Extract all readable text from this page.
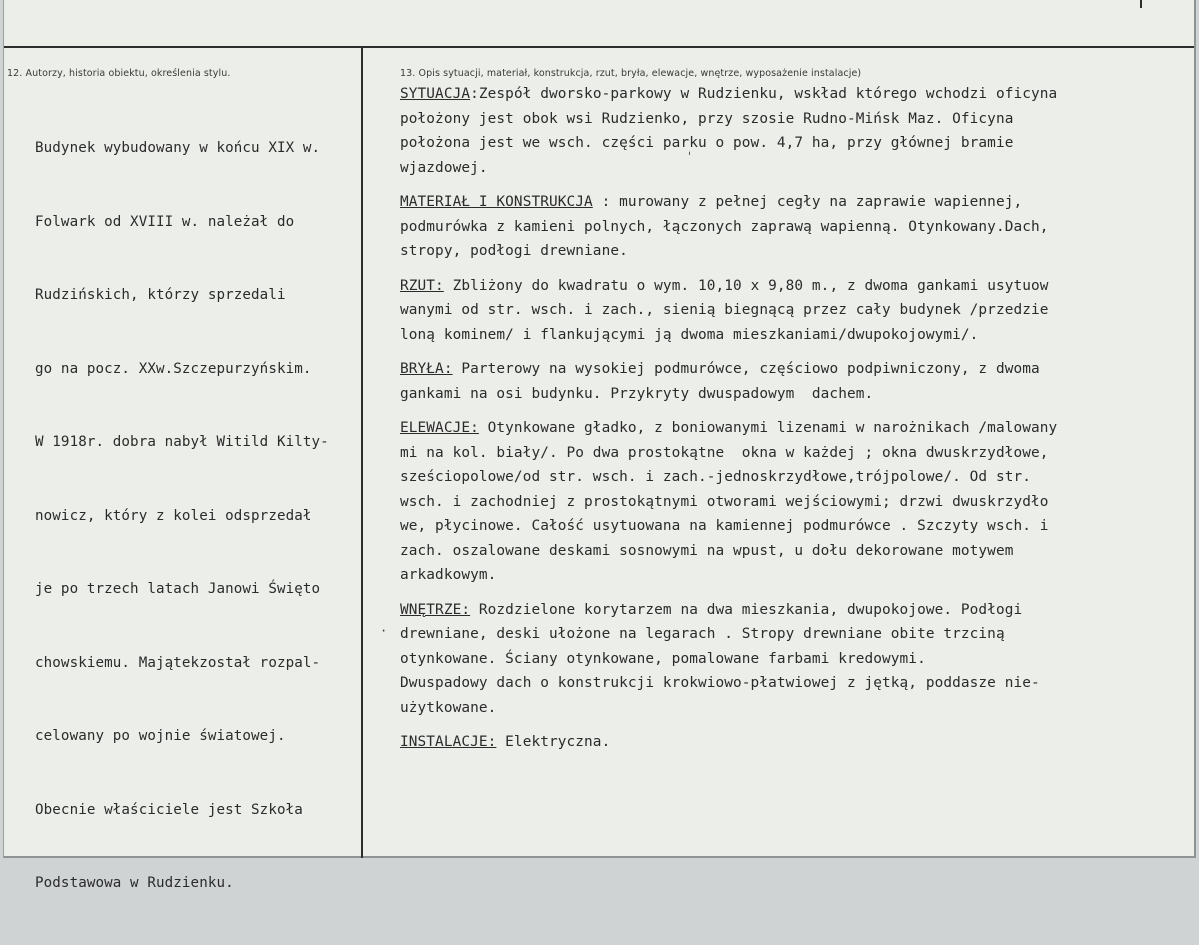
12. Autorzy, historia obiektu, określenia stylu.	13. Opis sytuacji, materiał, konstrukcja, rzut, bryła, elewacje, wnętrze, wyposażenie instalacje)

Budynek wybudowany w końcu XIX w.

Folwark od XVIII w. należał do

Rudzińskich, którzy sprzedali

go na pocz. XXw.Szczepurzyńskim.

W 1918r. dobra nabył Witild Kilty-

nowicz, który z kolei odsprzedał

je po trzech latach Janowi Święto

chowskiemu. Majątekzostał rozpal-

celowany po wojnie światowej.

Obecnie właściciele jest Szkoła

Podstawowa w Rudzienku.

SYTUACJA:Zespół dworsko-parkowy w Rudzienku, wskład którego wchodzi oficyna
położony jest obok wsi Rudzienko, przy szosie Rudno-Mińsk Maz. Oficyna
położona jest we wsch. części parku o pow. 4,7 ha, przy głównej bramie
wjazdowej.
MATERIAŁ I KONSTRUKCJA : murowany z pełnej cegły na zaprawie wapiennej,
podmurówka z kamieni polnych, łączonych zaprawą wapienną. Otynkowany.Dach,
stropy, podłogi drewniane.
RZUT: Zbliżony do kwadratu o wym. 10,10 x 9,80 m., z dwoma gankami usytuow
wanymi od str. wsch. i zach., sienią biegnącą przez cały budynek /przedzie
loną kominem/ i flankującymi ją dwoma mieszkaniami/dwupokojowymi/.
BRYŁA: Parterowy na wysokiej podmurówce, częściowo podpiwniczony, z dwoma
gankami na osi budynku. Przykryty dwuspadowym  dachem.
ELEWACJE: Otynkowane gładko, z boniowanymi lizenami w narożnikach /malowany
mi na kol. biały/. Po dwa prostokątne  okna w każdej ; okna dwuskrzydłowe,
sześciopolowe/od str. wsch. i zach.-jednoskrzydłowe,trójpolowe/. Od str.
wsch. i zachodniej z prostokątnymi otworami wejściowymi; drzwi dwuskrzydło
we, płycinowe. Całość usytuowana na kamiennej podmurówce . Szczyty wsch. i
zach. oszalowane deskami sosnowymi na wpust, u dołu dekorowane motywem
arkadkowym.
WNĘTRZE: Rozdzielone korytarzem na dwa mieszkania, dwupokojowe. Podłogi
drewniane, deski ułożone na legarach . Stropy drewniane obite trzciną
otynkowane. Ściany otynkowane, pomalowane farbami kredowymi.
Dwuspadowy dach o konstrukcji krokwiowo-płatwiowej z jętką, poddasze nie-
użytkowane.
INSTALACJE: Elektryczna.
·
ˈ
